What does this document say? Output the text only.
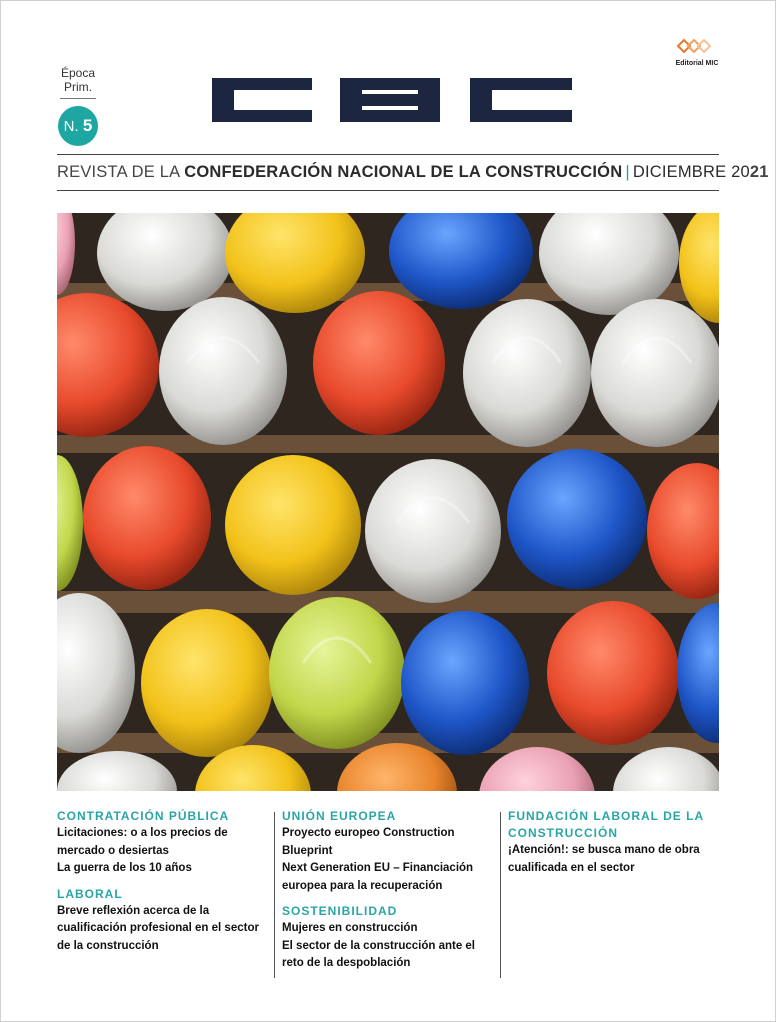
Época
Prim.
N. 5
Editorial MIC
REVISTA DE LA CONFEDERACIÓN NACIONAL DE LA CONSTRUCCIÓN | DICIEMBRE 2021
CONTRATACIÓN PÚBLICA
Licitaciones: o a los precios de mercado o desiertas
La guerra de los 10 años
LABORAL
Breve reflexión acerca de la cualificación profesional en el sector de la construcción
UNIÓN EUROPEA
Proyecto europeo Construction Blueprint
Next Generation EU – Financiación europea para la recuperación
SOSTENIBILIDAD
Mujeres en construcción
El sector de la construcción ante el reto de la despoblación
FUNDACIÓN LABORAL DE LA CONSTRUCCIÓN
¡Atención!: se busca mano de obra cualificada en el sector
